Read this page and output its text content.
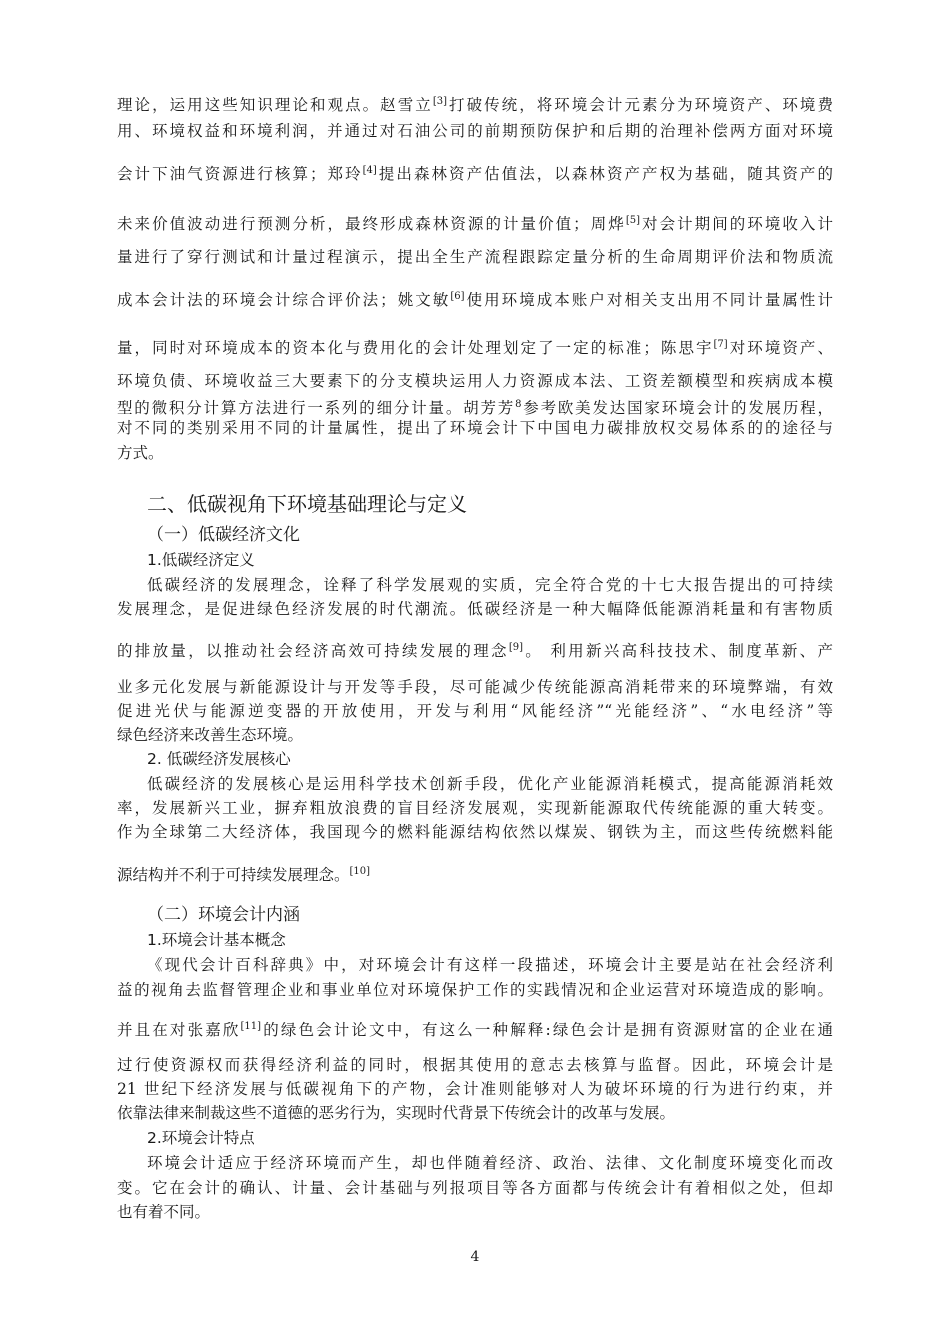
理论，运用这些知识理论和观点。赵雪立[3]打破传统，将环境会计元素分为环境资产、环境费
用、环境权益和环境利润，并通过对石油公司的前期预防保护和后期的治理补偿两方面对环境
会计下油气资源进行核算；郑玲[4]提出森林资产估值法，以森林资产产权为基础，随其资产的
未来价值波动进行预测分析，最终形成森林资源的计量价值；周烨[5]对会计期间的环境收入计
量进行了穿行测试和计量过程演示，提出全生产流程跟踪定量分析的生命周期评价法和物质流
成本会计法的环境会计综合评价法；姚文敏[6]使用环境成本账户对相关支出用不同计量属性计
量，同时对环境成本的资本化与费用化的会计处理划定了一定的标准；陈思宇[7]对环境资产、
环境负债、环境收益三大要素下的分支模块运用人力资源成本法、工资差额模型和疾病成本模
型的微积分计算方法进行一系列的细分计量。胡芳芳$^8$参考欧美发达国家环境会计的发展历程，
对不同的类别采用不同的计量属性，提出了环境会计下中国电力碳排放权交易体系的的途径与
方式。
二、低碳视角下环境基础理论与定义
（一）低碳经济文化
1.低碳经济定义
低碳经济的发展理念，诠释了科学发展观的实质，完全符合党的十七大报告提出的可持续
发展理念，是促进绿色经济发展的时代潮流。低碳经济是一种大幅降低能源消耗量和有害物质
的排放量，以推动社会经济高效可持续发展的理念[9]。 利用新兴高科技技术、制度革新、产
业多元化发展与新能源设计与开发等手段，尽可能减少传统能源高消耗带来的环境弊端，有效
促进光伏与能源逆变器的开放使用，开发与利用“风能经济”“光能经济”、“水电经济”等
绿色经济来改善生态环境。
2. 低碳经济发展核心
低碳经济的发展核心是运用科学技术创新手段，优化产业能源消耗模式，提高能源消耗效
率，发展新兴工业，摒弃粗放浪费的盲目经济发展观，实现新能源取代传统能源的重大转变。
作为全球第二大经济体，我国现今的燃料能源结构依然以煤炭、钢铁为主，而这些传统燃料能
源结构并不利于可持续发展理念。[10]
（二）环境会计内涵
1.环境会计基本概念
《现代会计百科辞典》中，对环境会计有这样一段描述，环境会计主要是站在社会经济利
益的视角去监督管理企业和事业单位对环境保护工作的实践情况和企业运营对环境造成的影响。
并且在对张嘉欣[11]的绿色会计论文中，有这么一种解释:绿色会计是拥有资源财富的企业在通
过行使资源权而获得经济利益的同时，根据其使用的意志去核算与监督。因此，环境会计是
21 世纪下经济发展与低碳视角下的产物，会计准则能够对人为破坏环境的行为进行约束，并
依靠法律来制裁这些不道德的恶劣行为，实现时代背景下传统会计的改革与发展。
2.环境会计特点
环境会计适应于经济环境而产生，却也伴随着经济、政治、法律、文化制度环境变化而改
变。它在会计的确认、计量、会计基础与列报项目等各方面都与传统会计有着相似之处，但却
也有着不同。
4
